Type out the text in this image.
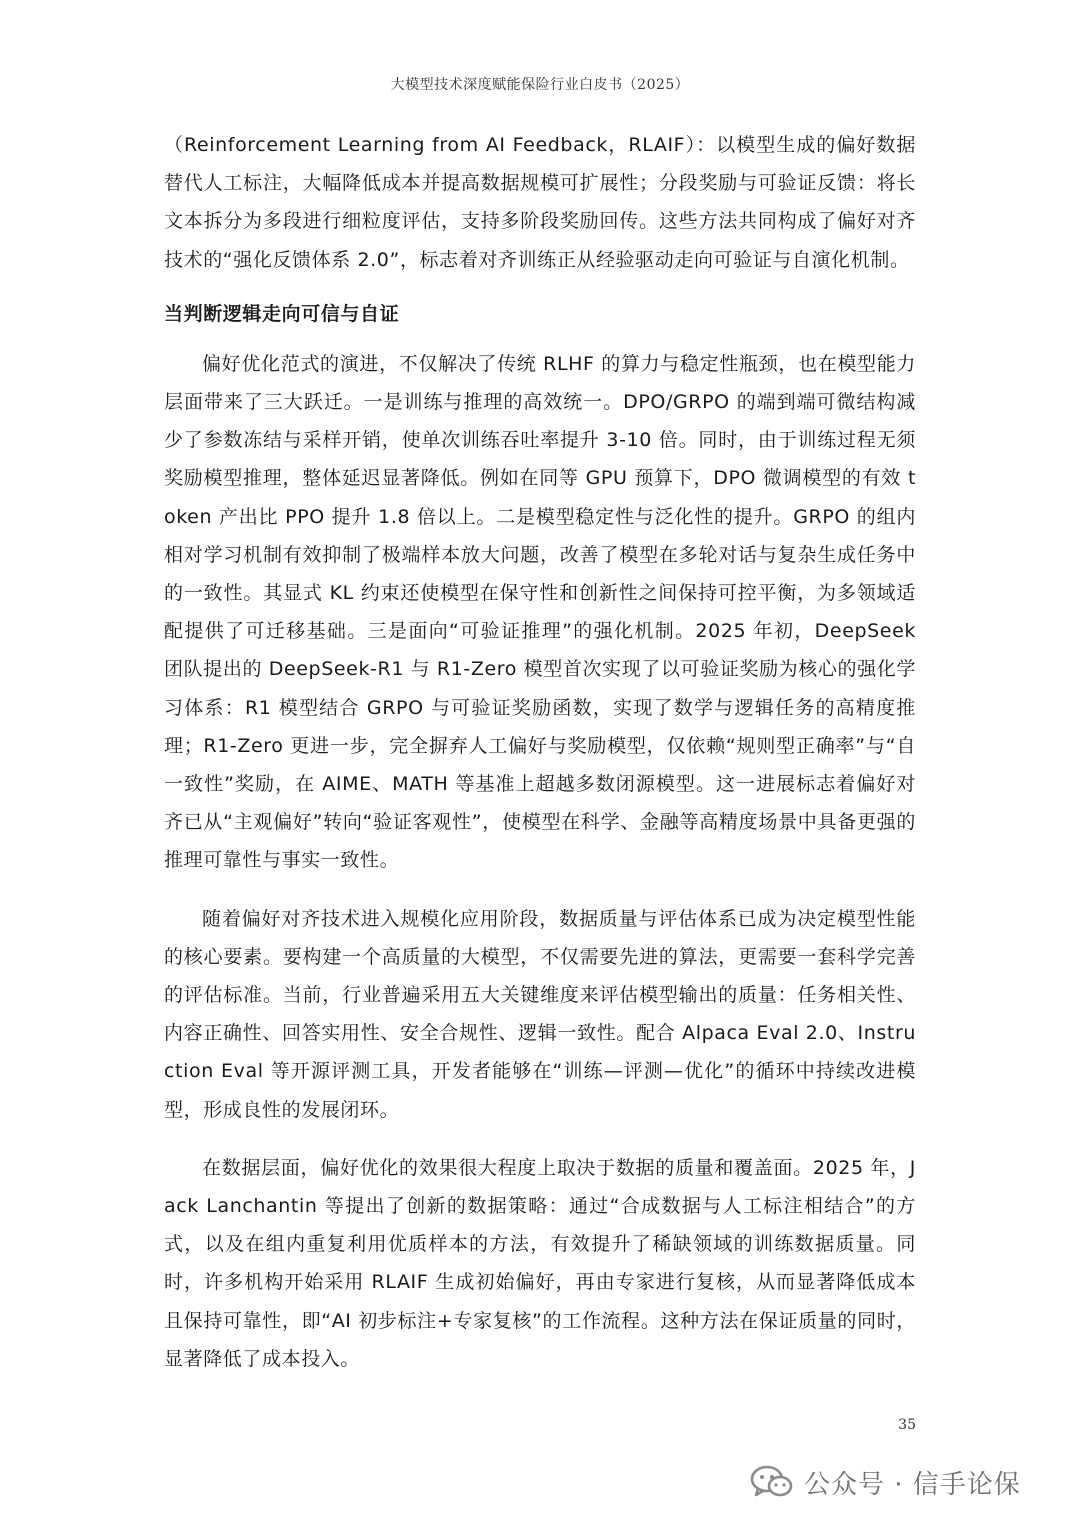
大模型技术深度赋能保险行业白皮书（2025）

（Reinforcement Learning from AI Feedback，RLAIF）：以模型生成的偏好数据替代人工标注，大幅降低成本并提高数据规模可扩展性；分段奖励与可验证反馈：将长文本拆分为多段进行细粒度评估，支持多阶段奖励回传。这些方法共同构成了偏好对齐技术的“强化反馈体系 2.0”，标志着对齐训练正从经验驱动走向可验证与自演化机制。

当判断逻辑走向可信与自证

偏好优化范式的演进，不仅解决了传统 RLHF 的算力与稳定性瓶颈，也在模型能力层面带来了三大跃迁。一是训练与推理的高效统一。DPO/GRPO 的端到端可微结构减少了参数冻结与采样开销，使单次训练吞吐率提升 3-10 倍。同时，由于训练过程无须奖励模型推理，整体延迟显著降低。例如在同等 GPU 预算下，DPO 微调模型的有效 token 产出比 PPO 提升 1.8 倍以上。二是模型稳定性与泛化性的提升。GRPO 的组内相对学习机制有效抑制了极端样本放大问题，改善了模型在多轮对话与复杂生成任务中的一致性。其显式 KL 约束还使模型在保守性和创新性之间保持可控平衡，为多领域适配提供了可迁移基础。三是面向“可验证推理”的强化机制。2025 年初，DeepSeek 团队提出的 DeepSeek-R1 与 R1-Zero 模型首次实现了以可验证奖励为核心的强化学习体系：R1 模型结合 GRPO 与可验证奖励函数，实现了数学与逻辑任务的高精度推理；R1-Zero 更进一步，完全摒弃人工偏好与奖励模型，仅依赖“规则型正确率”与“自一致性”奖励，在 AIME、MATH 等基准上超越多数闭源模型。这一进展标志着偏好对齐已从“主观偏好”转向“验证客观性”，使模型在科学、金融等高精度场景中具备更强的推理可靠性与事实一致性。

随着偏好对齐技术进入规模化应用阶段，数据质量与评估体系已成为决定模型性能的核心要素。要构建一个高质量的大模型，不仅需要先进的算法，更需要一套科学完善的评估标准。当前，行业普遍采用五大关键维度来评估模型输出的质量：任务相关性、内容正确性、回答实用性、安全合规性、逻辑一致性。配合 Alpaca Eval 2.0、Instruction Eval 等开源评测工具，开发者能够在“训练—评测—优化”的循环中持续改进模型，形成良性的发展闭环。

在数据层面，偏好优化的效果很大程度上取决于数据的质量和覆盖面。2025 年，Jack Lanchantin 等提出了创新的数据策略：通过“合成数据与人工标注相结合”的方式，以及在组内重复利用优质样本的方法，有效提升了稀缺领域的训练数据质量。同时，许多机构开始采用 RLAIF 生成初始偏好，再由专家进行复核，从而显著降低成本且保持可靠性，即“AI 初步标注+专家复核”的工作流程。这种方法在保证质量的同时，显著降低了成本投入。

35
公众号 · 信手论保
